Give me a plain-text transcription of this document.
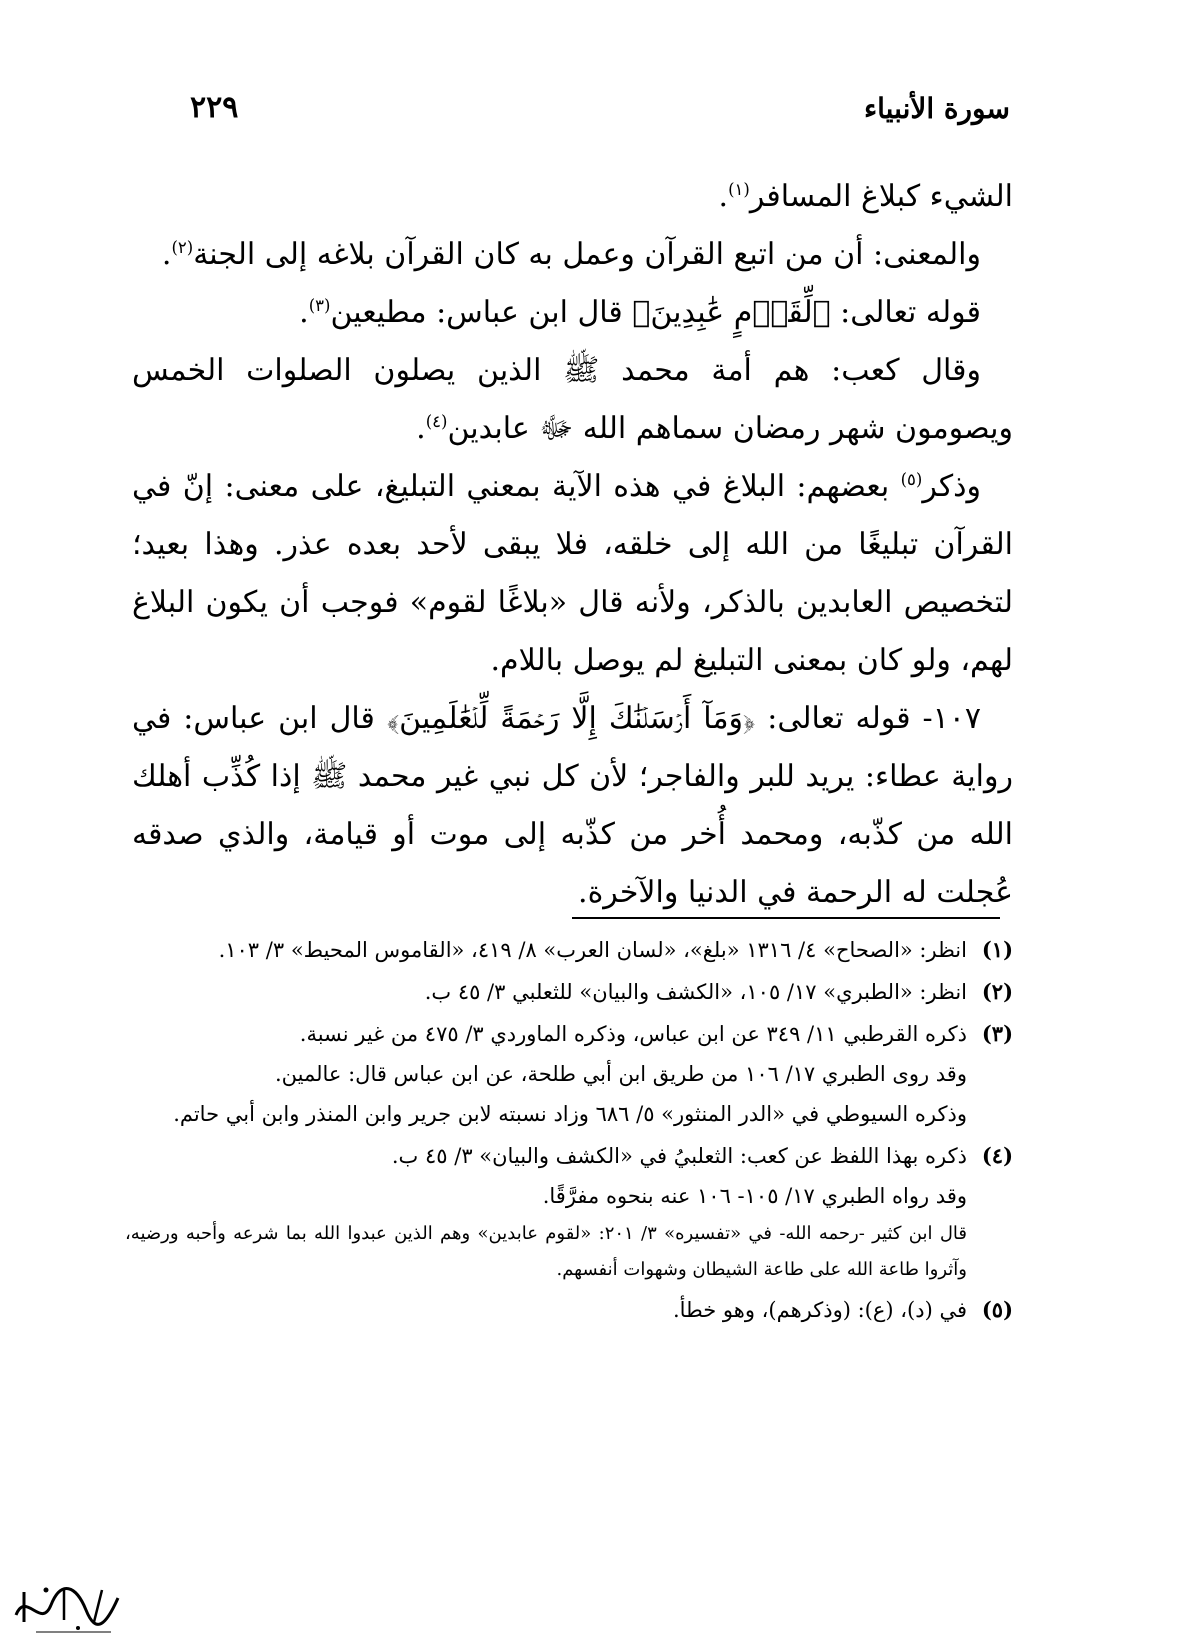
سورة الأنبياء
٢٢٩

الشيء كبلاغ المسافر$^{(١)}$.

والمعنى: أن من اتبع القرآن وعمل به كان القرآن بلاغه إلى الجنة$^{(٢)}$.

قوله تعالى: ﴿لِّقَوۡمٍ عَٰبِدِينَ﴾ قال ابن عباس: مطيعين$^{(٣)}$.

وقال كعب: هم أمة محمد ﷺ الذين يصلون الصلوات الخمس ويصومون شهر رمضان سماهم الله ﷻ عابدين$^{(٤)}$.

وذكر$^{(٥)}$ بعضهم: البلاغ في هذه الآية بمعني التبليغ، على معنى: إنّ في القرآن تبليغًا من الله إلى خلقه، فلا يبقى لأحد بعده عذر. وهذا بعيد؛ لتخصيص العابدين بالذكر، ولأنه قال «بلاغًا لقوم» فوجب أن يكون البلاغ لهم، ولو كان بمعنى التبليغ لم يوصل باللام.

١٠٧- قوله تعالى: ﴿وَمَآ أَرۡسَلۡنَٰكَ إِلَّا رَحۡمَةً لِّلۡعَٰلَمِينَ﴾ قال ابن عباس: في رواية عطاء: يريد للبر والفاجر؛ لأن كل نبي غير محمد ﷺ إذا كُذِّب أهلك الله من كذّبه، ومحمد أُخر من كذّبه إلى موت أو قيامة، والذي صدقه عُجلت له الرحمة في الدنيا والآخرة.

(١)
انظر: «الصحاح» ٤/ ١٣١٦ «بلغ»، «لسان العرب» ٨/ ٤١٩، «القاموس المحيط» ٣/ ١٠٣.
(٢)
انظر: «الطبري» ١٧/ ١٠٥، «الكشف والبيان» للثعلبي ٣/ ٤٥ ب.
(٣)
ذكره القرطبي ١١/ ٣٤٩ عن ابن عباس، وذكره الماوردي ٣/ ٤٧٥ من غير نسبة.
وقد روى الطبري ١٧/ ١٠٦ من طريق ابن أبي طلحة، عن ابن عباس قال: عالمين.
وذكره السيوطي في «الدر المنثور» ٥/ ٦٨٦ وزاد نسبته لابن جرير وابن المنذر وابن أبي حاتم.
(٤)
ذكره بهذا اللفظ عن كعب: الثعلبيُ في «الكشف والبيان» ٣/ ٤٥ ب.
وقد رواه الطبري ١٧/ ١٠٥- ١٠٦ عنه بنحوه مفرَّقًا.
قال ابن كثير -رحمه الله- في «تفسيره» ٣/ ٢٠١: «لقوم عابدين» وهم الذين عبدوا الله بما شرعه وأحبه ورضيه، وآثروا طاعة الله على طاعة الشيطان وشهوات أنفسهم.
(٥)
في (د)، (ع): (وذكرهم)، وهو خطأ.
